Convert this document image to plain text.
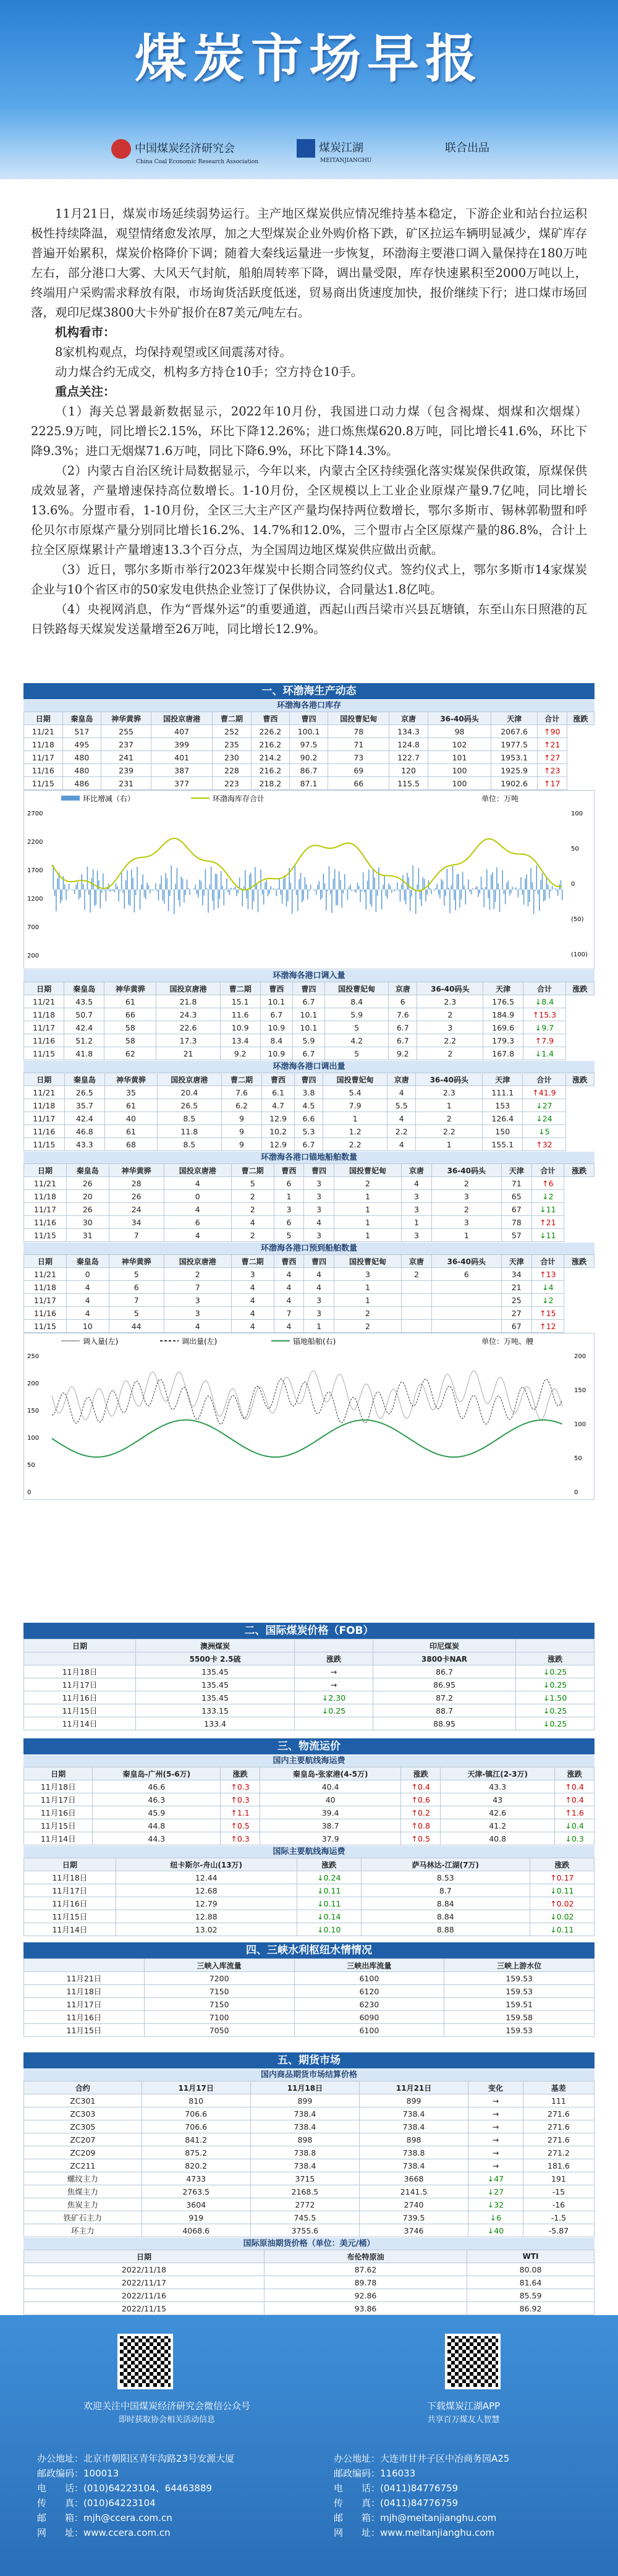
煤炭市场早报
中国煤炭经济研究会
China Coal Economic Research Association
煤炭江湖
MEITANJIANGHU
联合出品

11月21日，煤炭市场延续弱势运行。主产地区煤炭供应情况维持基本稳定，下游企业和站台拉运积极性持续降温，观望情绪愈发浓厚，加之大型煤炭企业外购价格下跌，矿区拉运车辆明显减少，煤矿库存普遍开始累积，煤炭价格降价下调；随着大秦线运量进一步恢复，环渤海主要港口调入量保持在180万吨左右，部分港口大雾、大风天气封航，船舶周转率下降，调出量受限，库存快速累积至2000万吨以上，终端用户采购需求释放有限，市场询货活跃度低迷，贸易商出货速度加快，报价继续下行；进口煤市场回落，观印尼煤3800大卡外矿报价在87美元/吨左右。

机构看市：

8家机构观点，均保持观望或区间震荡对待。

动力煤合约无成交，机构多方持仓10手；空方持仓10手。

重点关注：

（1）海关总署最新数据显示，2022年10月份，我国进口动力煤（包含褐煤、烟煤和次烟煤）2225.9万吨，同比增长2.15%，环比下降12.26%；进口炼焦煤620.8万吨，同比增长41.6%，环比下降9.3%；进口无烟煤71.6万吨，同比下降6.9%，环比下降14.3%。

（2）内蒙古自治区统计局数据显示，今年以来，内蒙古全区持续强化落实煤炭保供政策，原煤保供成效显著，产量增速保持高位数增长。1-10月份，全区规模以上工业企业原煤产量9.7亿吨，同比增长13.6%。分盟市看，1-10月份，全区三大主产区产量均保持两位数增长，鄂尔多斯市、锡林郭勒盟和呼伦贝尔市原煤产量分别同比增长16.2%、14.7%和12.0%，三个盟市占全区原煤产量的86.8%，合计上拉全区原煤累计产量增速13.3个百分点，为全国周边地区煤炭供应做出贡献。

（3）近日，鄂尔多斯市举行2023年煤炭中长期合同签约仪式。签约仪式上，鄂尔多斯市14家煤炭企业与10个省区市的50家发电供热企业签订了保供协议，合同量达1.8亿吨。

（4）央视网消息，作为“晋煤外运”的重要通道，西起山西吕梁市兴县瓦塘镇，东至山东日照港的瓦日铁路每天煤炭发送量增至26万吨，同比增长12.9%。

一、环渤海生产动态
环渤海各港口库存
日期	秦皇岛	神华黄骅	国投京唐港	曹二期	曹西	曹四	国投曹妃甸	京唐	36-40码头	天津	合计	涨跌
11/21	517	255	407	252	226.2	100.1	78	134.3	98	2067.6	↑90	
11/18	495	237	399	235	216.2	97.5	71	124.8	102	1977.5	↑21	
11/17	480	241	401	230	214.2	90.2	73	122.7	101	1953.1	↑27	
11/16	480	239	387	228	216.2	86.7	69	120	100	1925.9	↑23	
11/15	486	231	377	223	218.2	87.1	66	115.5	100	1902.6	↑17	
环比增减（右）	环渤海库存合计	单位：万吨
2700
2200
1700
1200
700
200
100
50
0
(50)
(100)
环渤海各港口调入量
日期	秦皇岛	神华黄骅	国投京唐港	曹二期	曹西	曹四	国投曹妃甸	京唐	36-40码头	天津	合计	涨跌
11/21	43.5	61	21.8	15.1	10.1	6.7	8.4	6	2.3	176.5	↓8.4	
11/18	50.7	66	24.3	11.6	6.7	10.1	5.9	7.6	2	184.9	↑15.3	
11/17	42.4	58	22.6	10.9	10.9	10.1	5	6.7	3	169.6	↓9.7	
11/16	51.2	58	17.3	13.4	8.4	5.9	4.2	6.7	2.2	179.3	↑7.9	
11/15	41.8	62	21	9.2	10.9	6.7	5	9.2	2	167.8	↓1.4	
环渤海各港口调出量
日期	秦皇岛	神华黄骅	国投京唐港	曹二期	曹西	曹四	国投曹妃甸	京唐	36-40码头	天津	合计	涨跌
11/21	26.5	35	20.4	7.6	6.1	3.8	5.4	4	2.3	111.1	↑41.9	
11/18	35.7	61	26.5	6.2	4.7	4.5	7.9	5.5	1	153	↓27	
11/17	42.4	40	8.5	9	12.9	6.6	1	4	2	126.4	↓24	
11/16	46.8	61	11.8	9	10.2	5.3	1.2	2.2	2.2	150	↓5	
11/15	43.3	68	8.5	9	12.9	6.7	2.2	4	1	155.1	↑32	
环渤海各港口锚地船舶数量
日期	秦皇岛	神华黄骅	国投京唐港	曹二期	曹西	曹四	国投曹妃甸	京唐	36-40码头	天津	合计	涨跌
11/21	26	28	4	5	6	3	2	4	2	71	↑6	
11/18	20	26	0	2	1	3	1	3	3	65	↓2	
11/17	26	24	4	2	3	3	1	3	2	67	↓11	
11/16	30	34	6	4	6	4	1	1	3	78	↑21	
11/15	31	7	4	2	5	3	1	3	1	57	↓11	
环渤海各港口预到船舶数量
日期	秦皇岛	神华黄骅	国投京唐港	曹二期	曹西	曹四	国投曹妃甸	京唐	36-40码头	天津	合计	涨跌
11/21	0	5	2	3	4	4	3	2	6	34	↑13	
11/18	4	6	7	4	4	4	1			21	↓4	
11/17	4	7	3	4	4	3	1			25	↓2	
11/16	4	5	3	4	7	3	2			27	↑15	
11/15	10	44	4	4	4	1	2			67	↑12	
调入量(左)	调出量(左)	锚地船舶(右)	单位：万吨、艘
250
200
150
100
50
0
200
150
100
50
0
二、国际煤炭价格（FOB）
日期	澳洲煤炭		印尼煤炭	
	5500卡 2.5硫	涨跌	3800卡NAR	涨跌
11月18日	135.45	→	86.7	↓0.25
11月17日	135.45	→	86.95	↓0.25
11月16日	135.45	↓2.30	87.2	↓1.50
11月15日	133.15	↓0.25	88.7	↓0.25
11月14日	133.4		88.95	↓0.25
三、物流运价
国内主要航线海运费
日期	秦皇岛-广州(5-6万)	涨跌	秦皇岛-张家港(4-5万)	涨跌	天津-镇江(2-3万)	涨跌
11月18日	46.6	↑0.3	40.4	↑0.4	43.3	↑0.4
11月17日	46.3	↑0.3	40	↑0.6	43	↑0.4
11月16日	45.9	↑1.1	39.4	↑0.2	42.6	↑1.6
11月15日	44.8	↑0.5	38.7	↑0.8	41.2	↓0.4
11月14日	44.3	↑0.3	37.9	↑0.5	40.8	↓0.3
国际主要航线海运费
日期	纽卡斯尔-舟山(13万)	涨跌	萨马林达-江湖(7万)	涨跌
11月18日	12.44	↓0.24	8.53	↑0.17
11月17日	12.68	↓0.11	8.7	↓0.11
11月16日	12.79	↓0.11	8.84	↑0.02
11月15日	12.88	↓0.14	8.84	↓0.02
11月14日	13.02	↓0.10	8.88	↓0.11
四、三峡水利枢纽水情情况
	三峡入库流量	三峡出库流量	三峡上游水位
11月21日	7200	6100	159.53
11月18日	7150	6120	159.53
11月17日	7150	6230	159.51
11月16日	7100	6090	159.58
11月15日	7050	6100	159.53
五、期货市场
国内商品期货市场结算价格
合约	11月17日	11月18日	11月21日	变化	基差
ZC301	810	899	899	→	111
ZC303	706.6	738.4	738.4	→	271.6
ZC305	706.6	738.4	738.4	→	271.6
ZC207	841.2	898	898	→	271.6
ZC209	875.2	738.8	738.8	→	271.2
ZC211	820.2	738.4	738.4	→	181.6
螺纹主力	4733	3715	3668	↓47	191
焦煤主力	2763.5	2168.5	2141.5	↓27	-15
焦炭主力	3604	2772	2740	↓32	-16
铁矿石主力	919	745.5	739.5	↓6	-1.5
环主力	4068.6	3755.6	3746	↓40	-5.87
国际原油期货价格（单位：美元/桶）
日期	布伦特原油	WTI
2022/11/18	87.62	80.08
2022/11/17	89.78	81.64
2022/11/16	92.86	85.59
2022/11/15	93.86	86.92

欢迎关注中国煤炭经济研究会微信公众号
即时获取协会相关活动信息
下载煤炭江湖APP
共享百万煤友人智慧
办公地址：北京市朝阳区青年沟路23号安源大厦
邮政编码：100013
电　　话：(010)64223104、64463889
传　　真：(010)64223104
邮　　箱：mjh@ccera.com.cn
网　　址：www.ccera.com.cn
办公地址：大连市甘井子区中冶商务园A25
邮政编码：116033
电　　话：(0411)84776759
传　　真：(0411)84776759
邮　　箱：mjh@meitanjianghu.com
网　　址：www.meitanjianghu.com
